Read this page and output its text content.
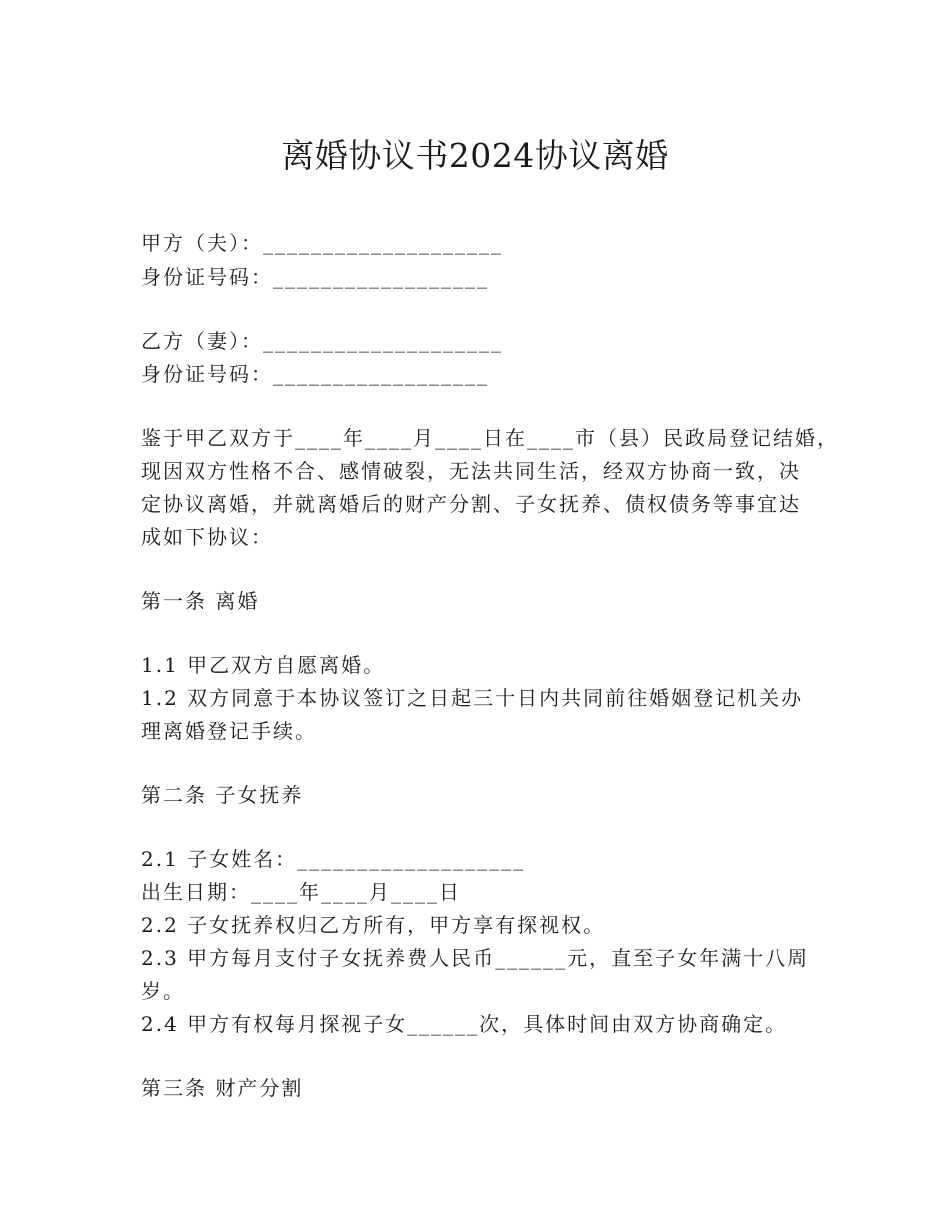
离婚协议书2024协议离婚
甲方（夫）：____________________
身份证号码：__________________
乙方（妻）：____________________
身份证号码：__________________
鉴于甲乙双方于____年____月____日在____市（县）民政局登记结婚，
现因双方性格不合、感情破裂，无法共同生活，经双方协商一致，决
定协议离婚，并就离婚后的财产分割、子女抚养、债权债务等事宜达
成如下协议：
第一条 离婚
1.1 甲乙双方自愿离婚。
1.2 双方同意于本协议签订之日起三十日内共同前往婚姻登记机关办
理离婚登记手续。
第二条 子女抚养
2.1 子女姓名：___________________
出生日期：____年____月____日
2.2 子女抚养权归乙方所有，甲方享有探视权。
2.3 甲方每月支付子女抚养费人民币______元，直至子女年满十八周
岁。
2.4 甲方有权每月探视子女______次，具体时间由双方协商确定。
第三条 财产分割
